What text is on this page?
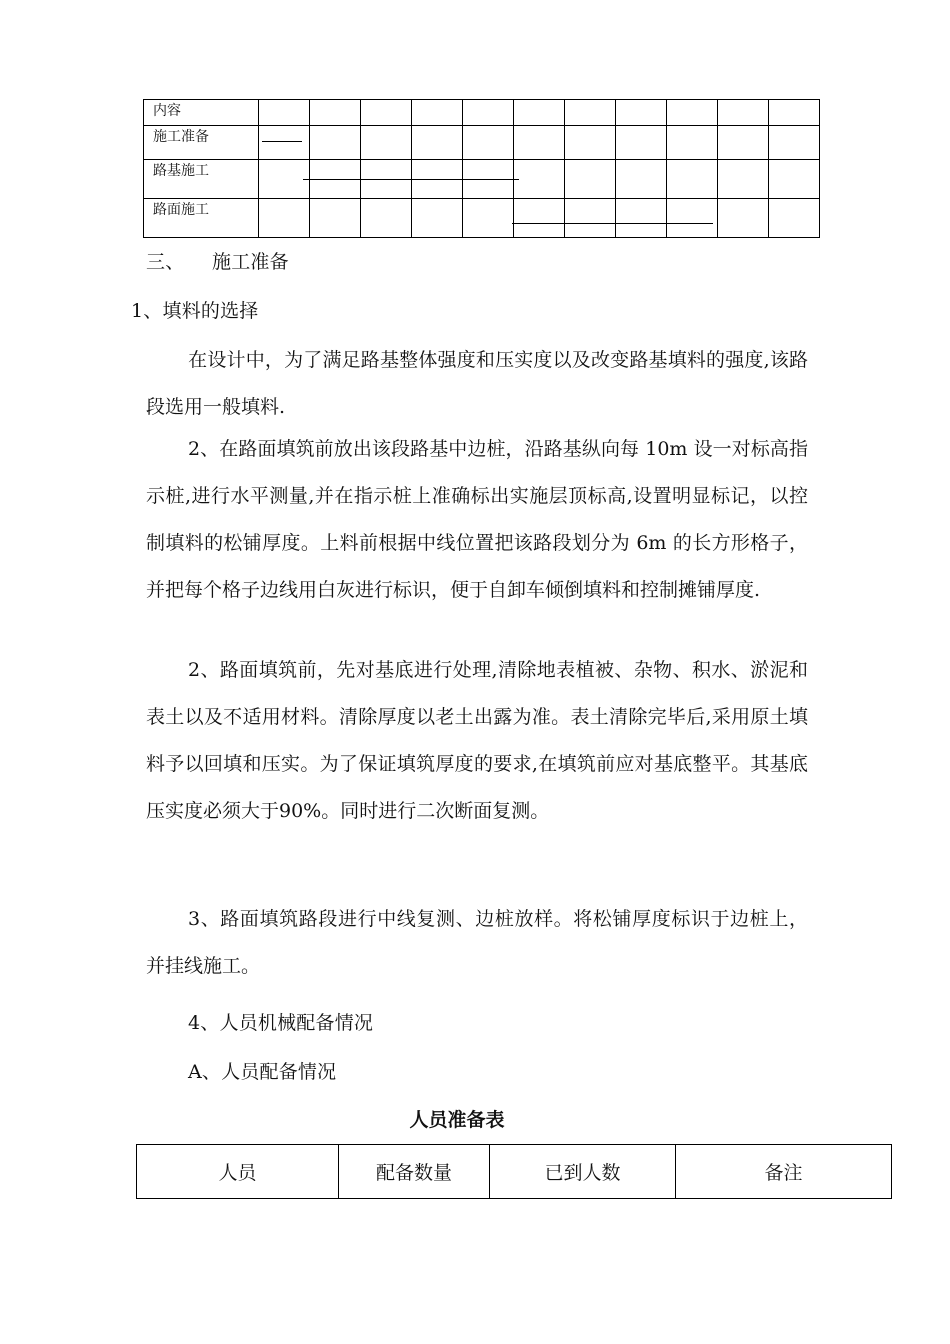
内容											
施工准备											
路基施工											
路面施工											
三、 施工准备
1、填料的选择

在设计中，为了满足路基整体强度和压实度以及改变路基填料的强度,该路段选用一般填料.

2、在路面填筑前放出该段路基中边桩，沿路基纵向每 10m 设一对标高指示桩,进行水平测量,并在指示桩上准确标出实施层顶标高,设置明显标记，以控制填料的松铺厚度。上料前根据中线位置把该路段划分为 6m 的长方形格子，并把每个格子边线用白灰进行标识，便于自卸车倾倒填料和控制摊铺厚度.

2、路面填筑前，先对基底进行处理,清除地表植被、杂物、积水、淤泥和表土以及不适用材料。清除厚度以老土出露为准。表土清除完毕后,采用原土填料予以回填和压实。为了保证填筑厚度的要求,在填筑前应对基底整平。其基底压实度必须大于90%。同时进行二次断面复测。

3、路面填筑路段进行中线复测、边桩放样。将松铺厚度标识于边桩上，并挂线施工。

4、人员机械配备情况
A、人员配备情况
人员准备表
人员	配备数量	已到人数	备注
